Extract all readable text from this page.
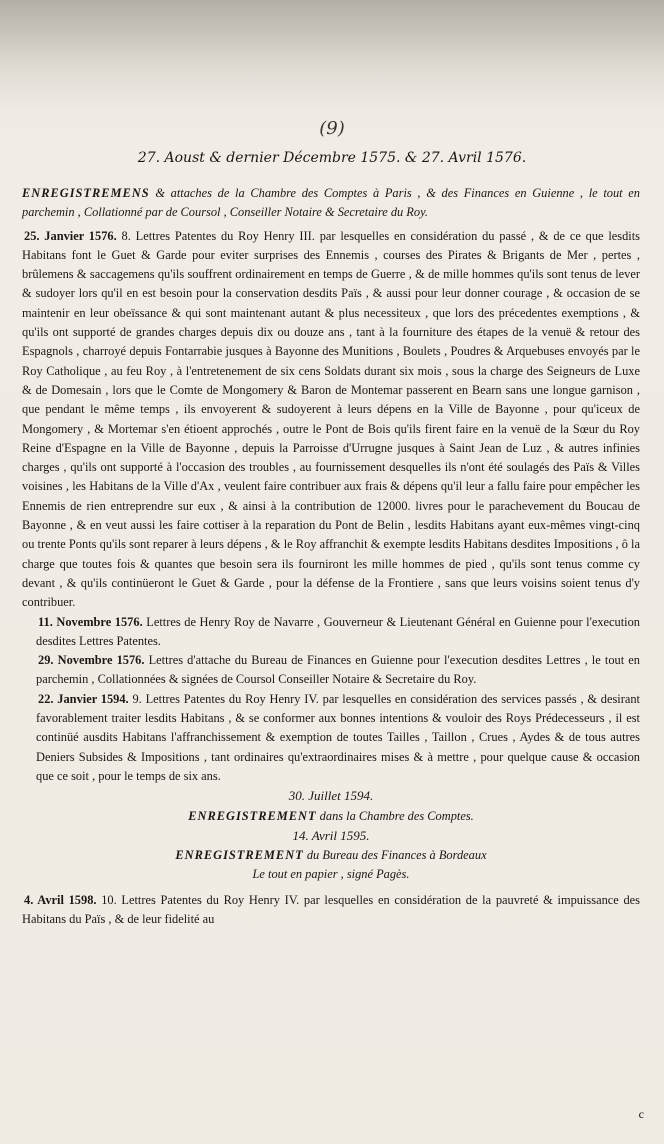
(9)
27. Aoust & dernier Décembre 1575. & 27. Avril 1576.

ENREGISTREMENS & attaches de la Chambre des Comptes à Paris , & des Finances en Guienne , le tout en parchemin , Collationné par de Coursol , Conseiller Notaire & Secretaire du Roy.

25. Janvier 1576. 8. Lettres Patentes du Roy Henry III. par lesquelles en considération du passé , & de ce que lesdits Habitans font le Guet & Garde pour eviter surprises des Ennemis , courses des Pirates & Brigants de Mer , pertes , brûlemens & saccagemens qu'ils souffrent ordinairement en temps de Guerre , & de mille hommes qu'ils sont tenus de lever & sudoyer lors qu'il en est besoin pour la conservation desdits Païs , & aussi pour leur donner courage , & occasion de se maintenir en leur obeïssance & qui sont maintenant autant & plus necessiteux , que lors des précedentes exemptions , & qu'ils ont supporté de grandes charges depuis dix ou douze ans , tant à la fourniture des étapes de la venuë & retour des Espagnols , charroyé depuis Fontarrabie jusques à Bayonne des Munitions , Boulets , Poudres & Arquebuses envoyés par le Roy Catholique , au feu Roy , à l'entretenement de six cens Soldats durant six mois , sous la charge des Seigneurs de Luxe & de Domesain , lors que le Comte de Mongomery & Baron de Montemar passerent en Bearn sans une longue garnison , que pendant le même temps , ils envoyerent & sudoyerent à leurs dépens en la Ville de Bayonne , pour qu'iceux de Mongomery , & Mortemar s'en étioent approchés , outre le Pont de Bois qu'ils firent faire en la venuë de la Sœur du Roy Reine d'Espagne en la Ville de Bayonne , depuis la Parroisse d'Urrugne jusques à Saint Jean de Luz , & autres infinies charges , qu'ils ont supporté à l'occasion des troubles , au fournissement desquelles ils n'ont été soulagés des Païs & Villes voisines , les Habitans de la Ville d'Ax , veulent faire contribuer aux frais & dépens qu'il leur a fallu faire pour empêcher les Ennemis de rien entreprendre sur eux , & ainsi à la contribution de 12000. livres pour le parachevement du Boucau de Bayonne , & en veut aussi les faire cottiser à la reparation du Pont de Belin , lesdits Habitans ayant eux-mêmes vingt-cinq ou trente Ponts qu'ils sont reparer à leurs dépens , & le Roy affranchit & exempte lesdits Habitans desdites Impositions , ô la charge que toutes fois & quantes que besoin sera ils fourniront les mille hommes de pied , qu'ils sont tenus comme cy devant , & qu'ils continüeront le Guet & Garde , pour la défense de la Frontiere , sans que leurs voisins soient tenus d'y contribuer.

11. Novembre 1576. Lettres de Henry Roy de Navarre , Gouverneur & Lieutenant Général en Guienne pour l'execution desdites Lettres Patentes.

29. Novembre 1576. Lettres d'attache du Bureau de Finances en Guienne pour l'execution desdites Lettres , le tout en parchemin , Collationnées & signées de Coursol Conseiller Notaire & Secretaire du Roy.

22. Janvier 1594. 9. Lettres Patentes du Roy Henry IV. par lesquelles en considération des services passés , & desirant favorablement traiter lesdits Habitans , & se conformer aux bonnes intentions & vouloir des Roys Prédecesseurs , il est continüé ausdits Habitans l'affranchissement & exemption de toutes Tailles , Taillon , Crues , Aydes & de tous autres Deniers Subsides & Impositions , tant ordinaires qu'extraordinaires mises & à mettre , pour quelque cause & occasion que ce soit , pour le temps de six ans.

30. Juillet 1594.

ENREGISTREMENT dans la Chambre des Comptes.

14. Avril 1595.

ENREGISTREMENT du Bureau des Finances à Bordeaux

Le tout en papier , signé Pagès.

4. Avril 1598. 10. Lettres Patentes du Roy Henry IV. par lesquelles en considération de la pauvreté & impuissance des Habitans du Païs , & de leur fidelité au

c
